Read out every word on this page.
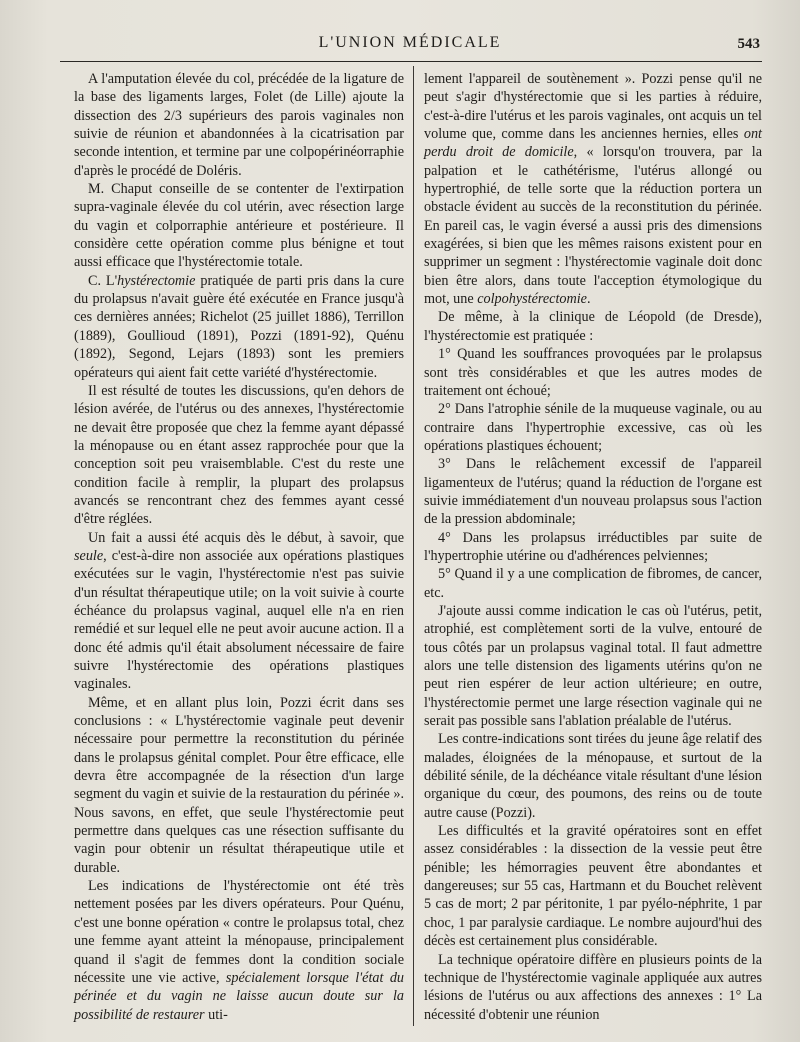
L'UNION MÉDICALE	543

A l'amputation élevée du col, précédée de la ligature de la base des ligaments larges, Folet (de Lille) ajoute la dissection des 2/3 supérieurs des parois vaginales non suivie de réunion et abandonnées à la cicatrisation par seconde intention, et termine par une colpopérinéorraphie d'après le procédé de Doléris.

M. Chaput conseille de se contenter de l'extirpation supra-vaginale élevée du col utérin, avec résection large du vagin et colporraphie antérieure et postérieure. Il considère cette opération comme plus bénigne et tout aussi efficace que l'hystérectomie totale.

C. L'hystérectomie pratiquée de parti pris dans la cure du prolapsus n'avait guère été exécutée en France jusqu'à ces dernières années; Richelot (25 juillet 1886), Terrillon (1889), Goullioud (1891), Pozzi (1891-92), Quénu (1892), Segond, Lejars (1893) sont les premiers opérateurs qui aient fait cette variété d'hystérectomie.

Il est résulté de toutes les discussions, qu'en dehors de lésion avérée, de l'utérus ou des annexes, l'hystérectomie ne devait être proposée que chez la femme ayant dépassé la ménopause ou en étant assez rapprochée pour que la conception soit peu vraisemblable. C'est du reste une condition facile à remplir, la plupart des prolapsus avancés se rencontrant chez des femmes ayant cessé d'être réglées.

Un fait a aussi été acquis dès le début, à savoir, que seule, c'est-à-dire non associée aux opérations plastiques exécutées sur le vagin, l'hystérectomie n'est pas suivie d'un résultat thérapeutique utile; on la voit suivie à courte échéance du prolapsus vaginal, auquel elle n'a en rien remédié et sur lequel elle ne peut avoir aucune action. Il a donc été admis qu'il était absolument nécessaire de faire suivre l'hystérectomie des opérations plastiques vaginales.

Même, et en allant plus loin, Pozzi écrit dans ses conclusions : « L'hystérectomie vaginale peut devenir nécessaire pour permettre la reconstitution du périnée dans le prolapsus génital complet. Pour être efficace, elle devra être accompagnée de la résection d'un large segment du vagin et suivie de la restauration du périnée ». Nous savons, en effet, que seule l'hystérectomie peut permettre dans quelques cas une résection suffisante du vagin pour obtenir un résultat thérapeutique utile et durable.

Les indications de l'hystérectomie ont été très nettement posées par les divers opérateurs. Pour Quénu, c'est une bonne opération « contre le prolapsus total, chez une femme ayant atteint la ménopause, principalement quand il s'agit de femmes dont la condition sociale nécessite une vie active, spécialement lorsque l'état du périnée et du vagin ne laisse aucun doute sur la possibilité de restaurer uti-

lement l'appareil de soutènement ». Pozzi pense qu'il ne peut s'agir d'hystérectomie que si les parties à réduire, c'est-à-dire l'utérus et les parois vaginales, ont acquis un tel volume que, comme dans les anciennes hernies, elles ont perdu droit de domicile, « lorsqu'on trouvera, par la palpation et le cathétérisme, l'utérus allongé ou hypertrophié, de telle sorte que la réduction portera un obstacle évident au succès de la reconstitution du périnée. En pareil cas, le vagin éversé a aussi pris des dimensions exagérées, si bien que les mêmes raisons existent pour en supprimer un segment : l'hystérectomie vaginale doit donc bien être alors, dans toute l'acception étymologique du mot, une colpohystérectomie.

De même, à la clinique de Léopold (de Dresde), l'hystérectomie est pratiquée :

1° Quand les souffrances provoquées par le prolapsus sont très considérables et que les autres modes de traitement ont échoué;

2° Dans l'atrophie sénile de la muqueuse vaginale, ou au contraire dans l'hypertrophie excessive, cas où les opérations plastiques échouent;

3° Dans le relâchement excessif de l'appareil ligamenteux de l'utérus; quand la réduction de l'organe est suivie immédiatement d'un nouveau prolapsus sous l'action de la pression abdominale;

4° Dans les prolapsus irréductibles par suite de l'hypertrophie utérine ou d'adhérences pelviennes;

5° Quand il y a une complication de fibromes, de cancer, etc.

J'ajoute aussi comme indication le cas où l'utérus, petit, atrophié, est complètement sorti de la vulve, entouré de tous côtés par un prolapsus vaginal total. Il faut admettre alors une telle distension des ligaments utérins qu'on ne peut rien espérer de leur action ultérieure; en outre, l'hystérectomie permet une large résection vaginale qui ne serait pas possible sans l'ablation préalable de l'utérus.

Les contre-indications sont tirées du jeune âge relatif des malades, éloignées de la ménopause, et surtout de la débilité sénile, de la déchéance vitale résultant d'une lésion organique du cœur, des poumons, des reins ou de toute autre cause (Pozzi).

Les difficultés et la gravité opératoires sont en effet assez considérables : la dissection de la vessie peut être pénible; les hémorragies peuvent être abondantes et dangereuses; sur 55 cas, Hartmann et du Bouchet relèvent 5 cas de mort; 2 par péritonite, 1 par pyélo-néphrite, 1 par choc, 1 par paralysie cardiaque. Le nombre aujourd'hui des décès est certainement plus considérable.

La technique opératoire diffère en plusieurs points de la technique de l'hystérectomie vaginale appliquée aux autres lésions de l'utérus ou aux affections des annexes : 1° La nécessité d'obtenir une réunion
